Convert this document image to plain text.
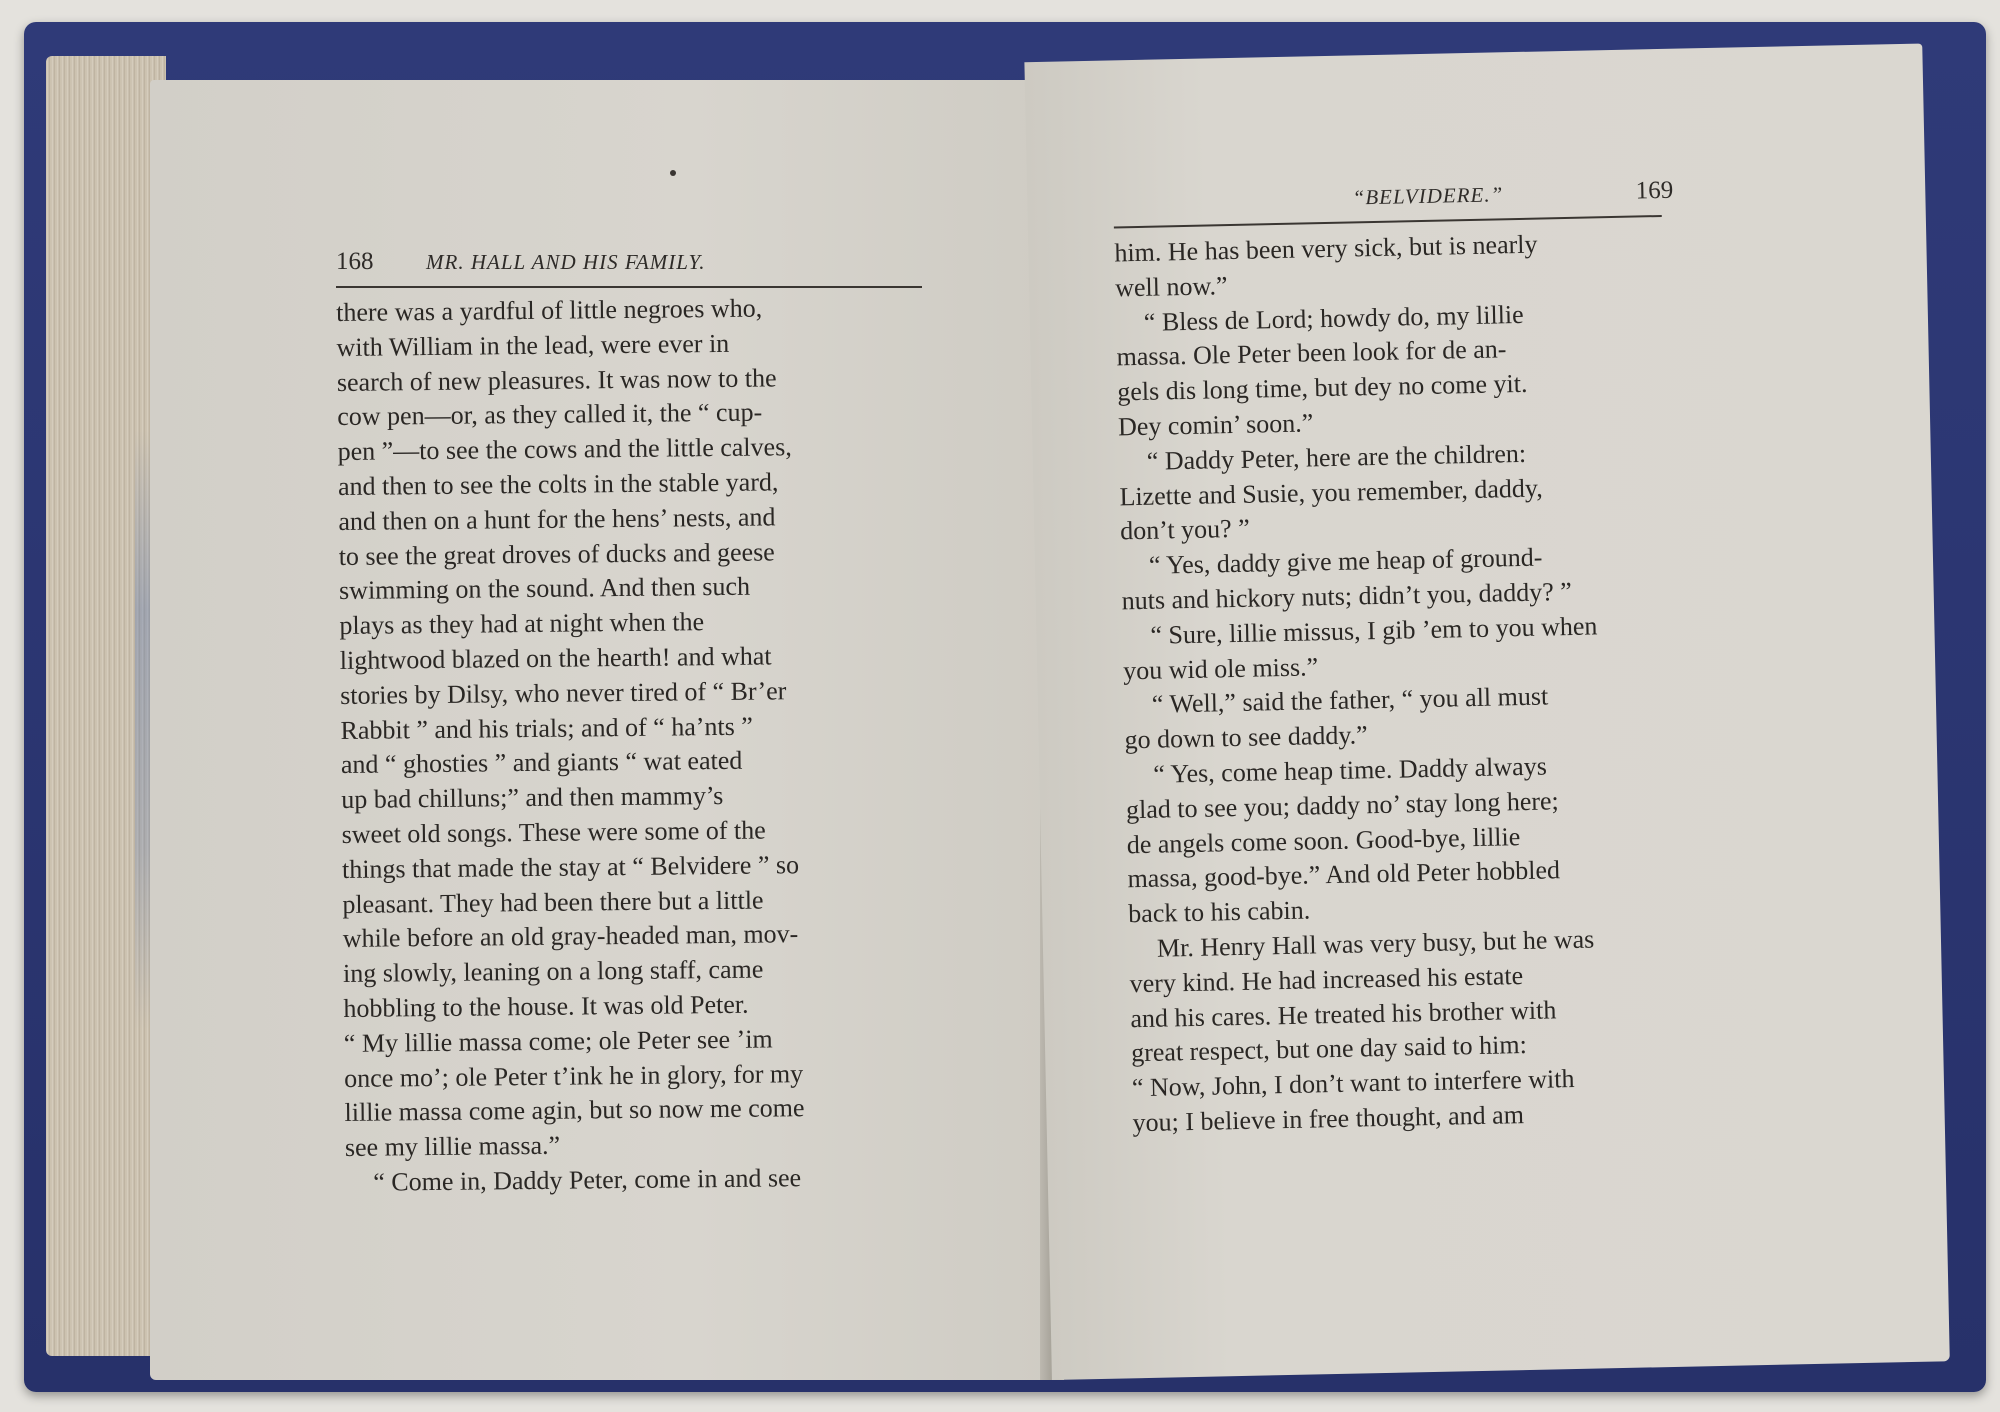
168	MR. HALL AND HIS FAMILY.

there was a yardful of little negroes who,

with William in the lead, were ever in

search of new pleasures. It was now to the

cow pen—or, as they called it, the “ cup-

pen ”—to see the cows and the little calves,

and then to see the colts in the stable yard,

and then on a hunt for the hens’ nests, and

to see the great droves of ducks and geese

swimming on the sound. And then such

plays as they had at night when the

lightwood blazed on the hearth! and what

stories by Dilsy, who never tired of “ Br’er

Rabbit ” and his trials; and of “ ha’nts ”

and “ ghosties ” and giants “ wat eated

up bad chilluns;” and then mammy’s

sweet old songs. These were some of the

things that made the stay at “ Belvidere ” so

pleasant. They had been there but a little

while before an old gray-headed man, mov-

ing slowly, leaning on a long staff, came

hobbling to the house. It was old Peter.

“ My lillie massa come; ole Peter see ’im

once mo’; ole Peter t’ink he in glory, for my

lillie massa come agin, but so now me come

see my lillie massa.”

“ Come in, Daddy Peter, come in and see

“BELVIDERE.”	169

him. He has been very sick, but is nearly

well now.”

“ Bless de Lord; howdy do, my lillie

massa. Ole Peter been look for de an-

gels dis long time, but dey no come yit.

Dey comin’ soon.”

“ Daddy Peter, here are the children:

Lizette and Susie, you remember, daddy,

don’t you? ”

“ Yes, daddy give me heap of ground-

nuts and hickory nuts; didn’t you, daddy? ”

“ Sure, lillie missus, I gib ’em to you when

you wid ole miss.”

“ Well,” said the father, “ you all must

go down to see daddy.”

“ Yes, come heap time. Daddy always

glad to see you; daddy no’ stay long here;

de angels come soon. Good-bye, lillie

massa, good-bye.” And old Peter hobbled

back to his cabin.

Mr. Henry Hall was very busy, but he was

very kind. He had increased his estate

and his cares. He treated his brother with

great respect, but one day said to him:

“ Now, John, I don’t want to interfere with

you; I believe in free thought, and am
